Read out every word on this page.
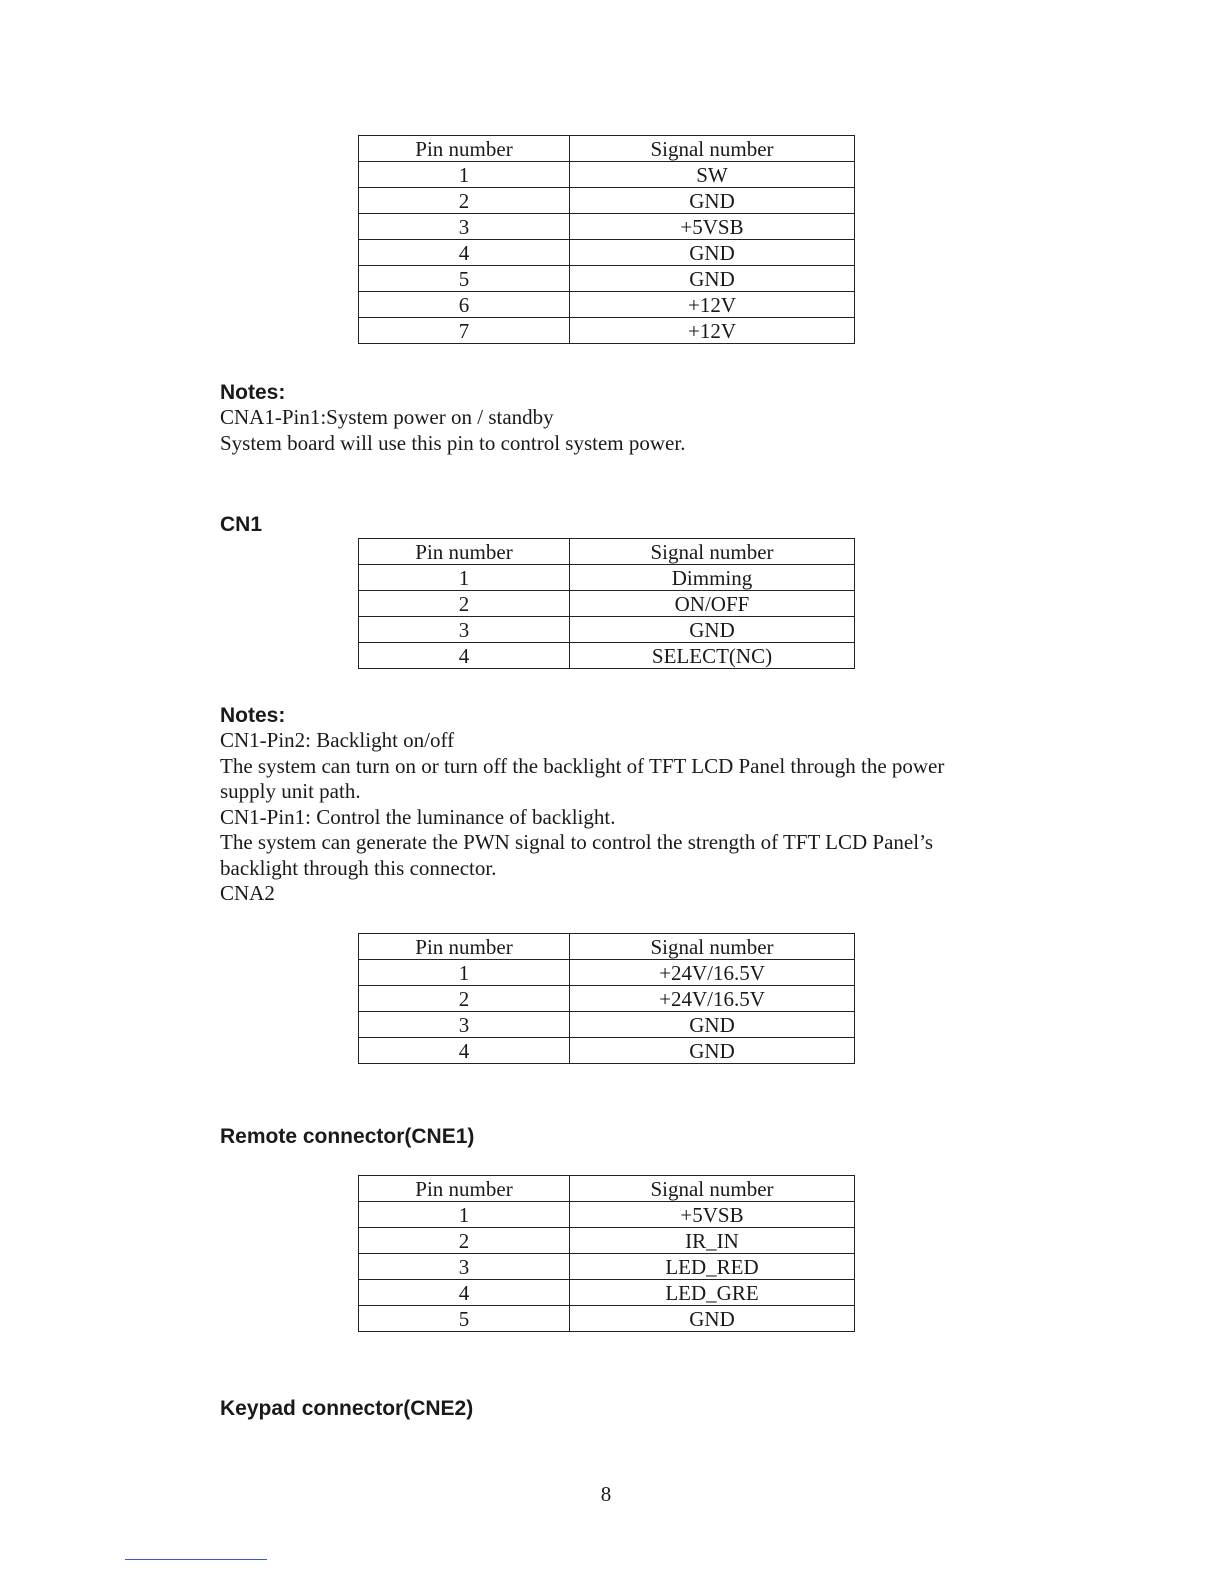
Pin number	Signal number
1	SW
2	GND
3	+5VSB
4	GND
5	GND
6	+12V
7	+12V

Notes:

CNA1-Pin1:System power on / standby
System board will use this pin to control system power.

CN1

Pin number	Signal number
1	Dimming
2	ON/OFF
3	GND
4	SELECT(NC)

Notes:

CN1-Pin2: Backlight on/off
The system can turn on or turn off the backlight of TFT LCD Panel through the power
supply unit path.
CN1-Pin1: Control the luminance of backlight.
The system can generate the PWN signal to control the strength of TFT LCD Panel’s
backlight through this connector.
CNA2

Pin number	Signal number
1	+24V/16.5V
2	+24V/16.5V
3	GND
4	GND

Remote connector(CNE1)

Pin number	Signal number
1	+5VSB
2	IR_IN
3	LED_RED
4	LED_GRE
5	GND

Keypad connector(CNE2)

8
